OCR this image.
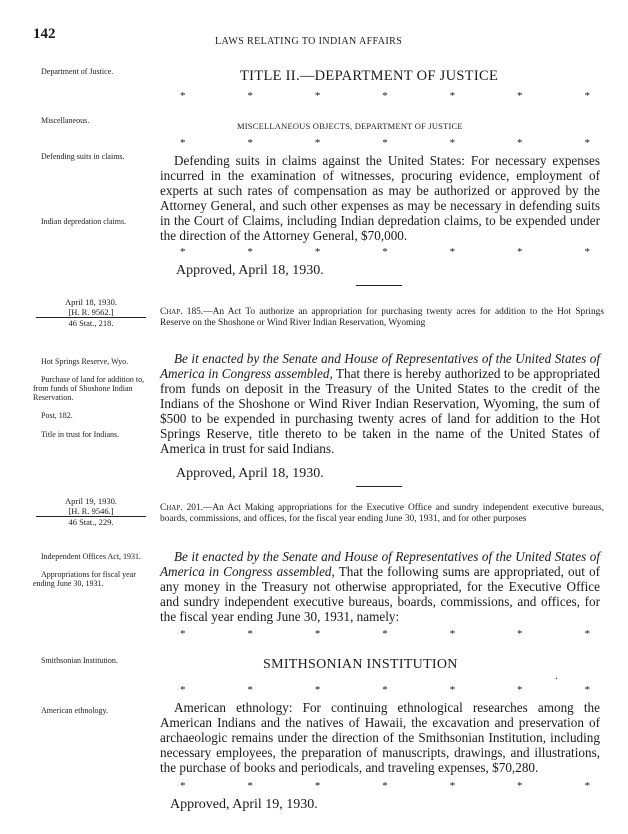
142	LAWS RELATING TO INDIAN AFFAIRS
Department of Justice.
Miscellaneous.
Defending suits in claims.
Indian depredation claims.
Hot Springs Reserve, Wyo.
Purchase of land for addition to, from funds of Shoshone Indian Reservation.
Post, 182.
Title in trust for Indians.
Independent Offices Act, 1931.
Appropriations for fiscal year ending June 30, 1931.
Smithsonian Institution.
American ethnology.
April 18, 1930.

[H. R. 9562.]
46 Stat., 218.
April 19, 1930.

[H. R. 9546.]
46 Stat., 229.
TITLE II.—DEPARTMENT OF JUSTICE
*	*	*	*	*	*	*
MISCELLANEOUS OBJECTS, DEPARTMENT OF JUSTICE
*	*	*	*	*	*	*
Defending suits in claims against the United States: For necessary expenses incurred in the examination of witnesses, procuring evidence, employment of experts at such rates of compensation as may be authorized or approved by the Attorney General, and such other expenses as may be necessary in defending suits in the Court of Claims, including Indian depredation claims, to be expended under the direction of the Attorney General, $70,000.
*	*	*	*	*	*	*
Approved, April 18, 1930.
Chap. 185.—An Act To authorize an appropriation for purchasing twenty acres for addition to the Hot Springs Reserve on the Shoshone or Wind River Indian Reservation, Wyoming
Be it enacted by the Senate and House of Representatives of the United States of America in Congress assembled, That there is hereby authorized to be appropriated from funds on deposit in the Treasury of the United States to the credit of the Indians of the Shoshone or Wind River Indian Reservation, Wyoming, the sum of $500 to be expended in purchasing twenty acres of land for addition to the Hot Springs Reserve, title thereto to be taken in the name of the United States of America in trust for said Indians.
Approved, April 18, 1930.
Chap. 201.—An Act Making appropriations for the Executive Office and sundry independent executive bureaus, boards, commissions, and offices, for the fiscal year ending June 30, 1931, and for other purposes
Be it enacted by the Senate and House of Representatives of the United States of America in Congress assembled, That the following sums are appropriated, out of any money in the Treasury not otherwise appropriated, for the Executive Office and sundry independent executive bureaus, boards, commissions, and offices, for the fiscal year ending June 30, 1931, namely:
*	*	*	*	*	*	*
SMITHSONIAN INSTITUTION
.
*	*	*	*	*	*	*
American ethnology: For continuing ethnological researches among the American Indians and the natives of Hawaii, the excavation and preservation of archaeologic remains under the direction of the Smithsonian Institution, including necessary employees, the preparation of manuscripts, drawings, and illustrations, the purchase of books and periodicals, and traveling expenses, $70,280.
*	*	*	*	*	*	*
Approved, April 19, 1930.
